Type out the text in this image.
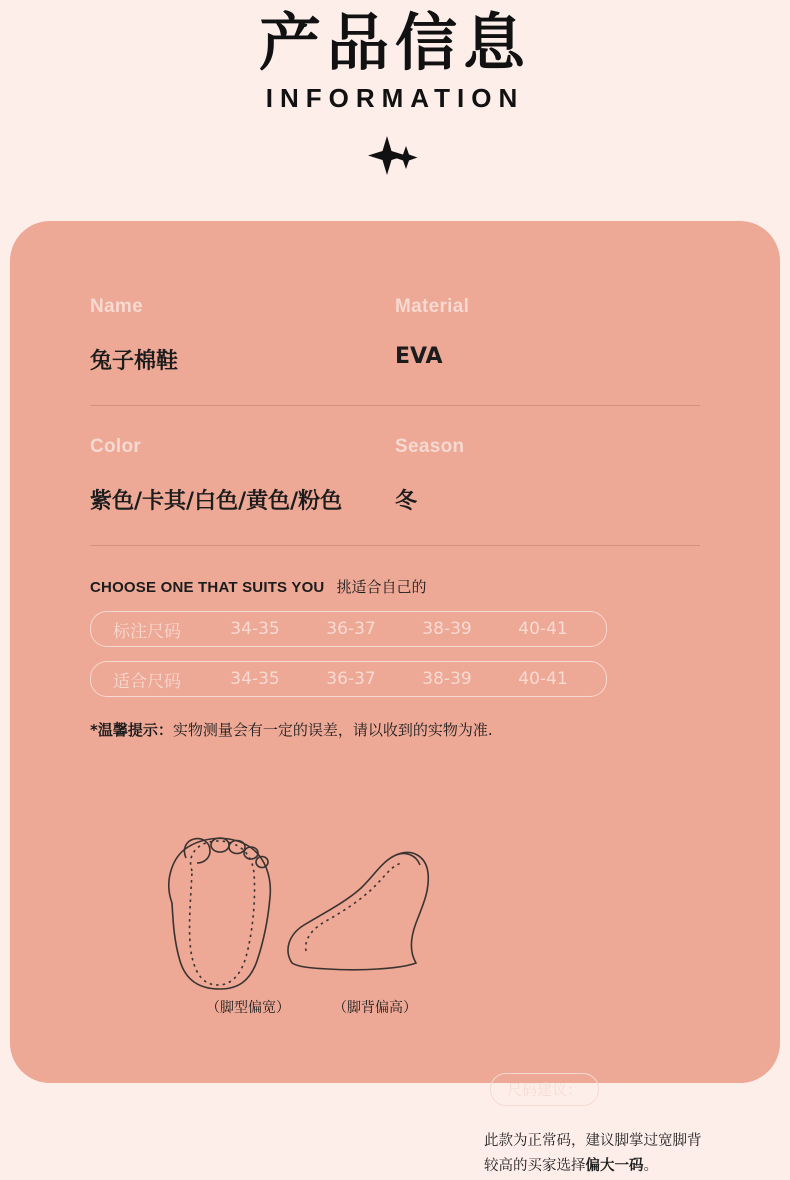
产品信息
INFORMATION
Name	Material
兔子棉鞋	EVA
Color	Season
紫色/卡其/白色/黄色/粉色	冬
CHOOSE ONE THAT SUITS YOU 挑适合自己的
标注尺码	34-35	36-37	38-39	40-41
适合尺码	34-35	36-37	38-39	40-41
*温馨提示：实物测量会有一定的误差，请以收到的实物为准.
（脚型偏宽）	（脚背偏高）
尺码建议：
此款为正常码，建议脚掌过宽脚背
较高的买家选择偏大一码。
